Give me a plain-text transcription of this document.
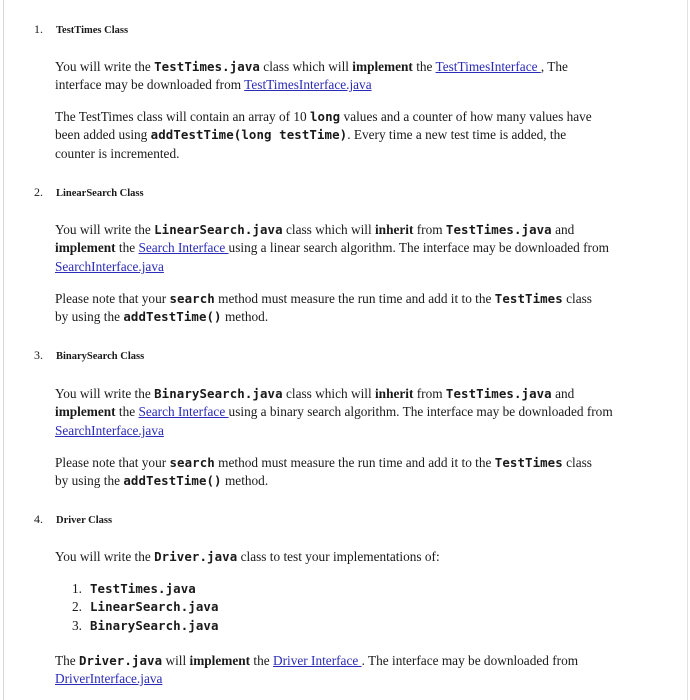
1. TestTimes Class
You will write the TestTimes.java class which will implement the TestTimesInterface , The
interface may be downloaded from TestTimesInterface.java
The TestTimes class will contain an array of 10 long values and a counter of how many values have
been added using addTestTime(long testTime). Every time a new test time is added, the
counter is incremented.
2. LinearSearch Class
You will write the LinearSearch.java class which will inherit from TestTimes.java and
implement the Search Interface using a linear search algorithm. The interface may be downloaded from
SearchInterface.java
Please note that your search method must measure the run time and add it to the TestTimes class
by using the addTestTime() method.
3. BinarySearch Class
You will write the BinarySearch.java class which will inherit from TestTimes.java and
implement the Search Interface using a binary search algorithm. The interface may be downloaded from
SearchInterface.java
Please note that your search method must measure the run time and add it to the TestTimes class
by using the addTestTime() method.
4. Driver Class
You will write the Driver.java class to test your implementations of:
1. TestTimes.java
2. LinearSearch.java
3. BinarySearch.java
The Driver.java will implement the Driver Interface . The interface may be downloaded from
DriverInterface.java
